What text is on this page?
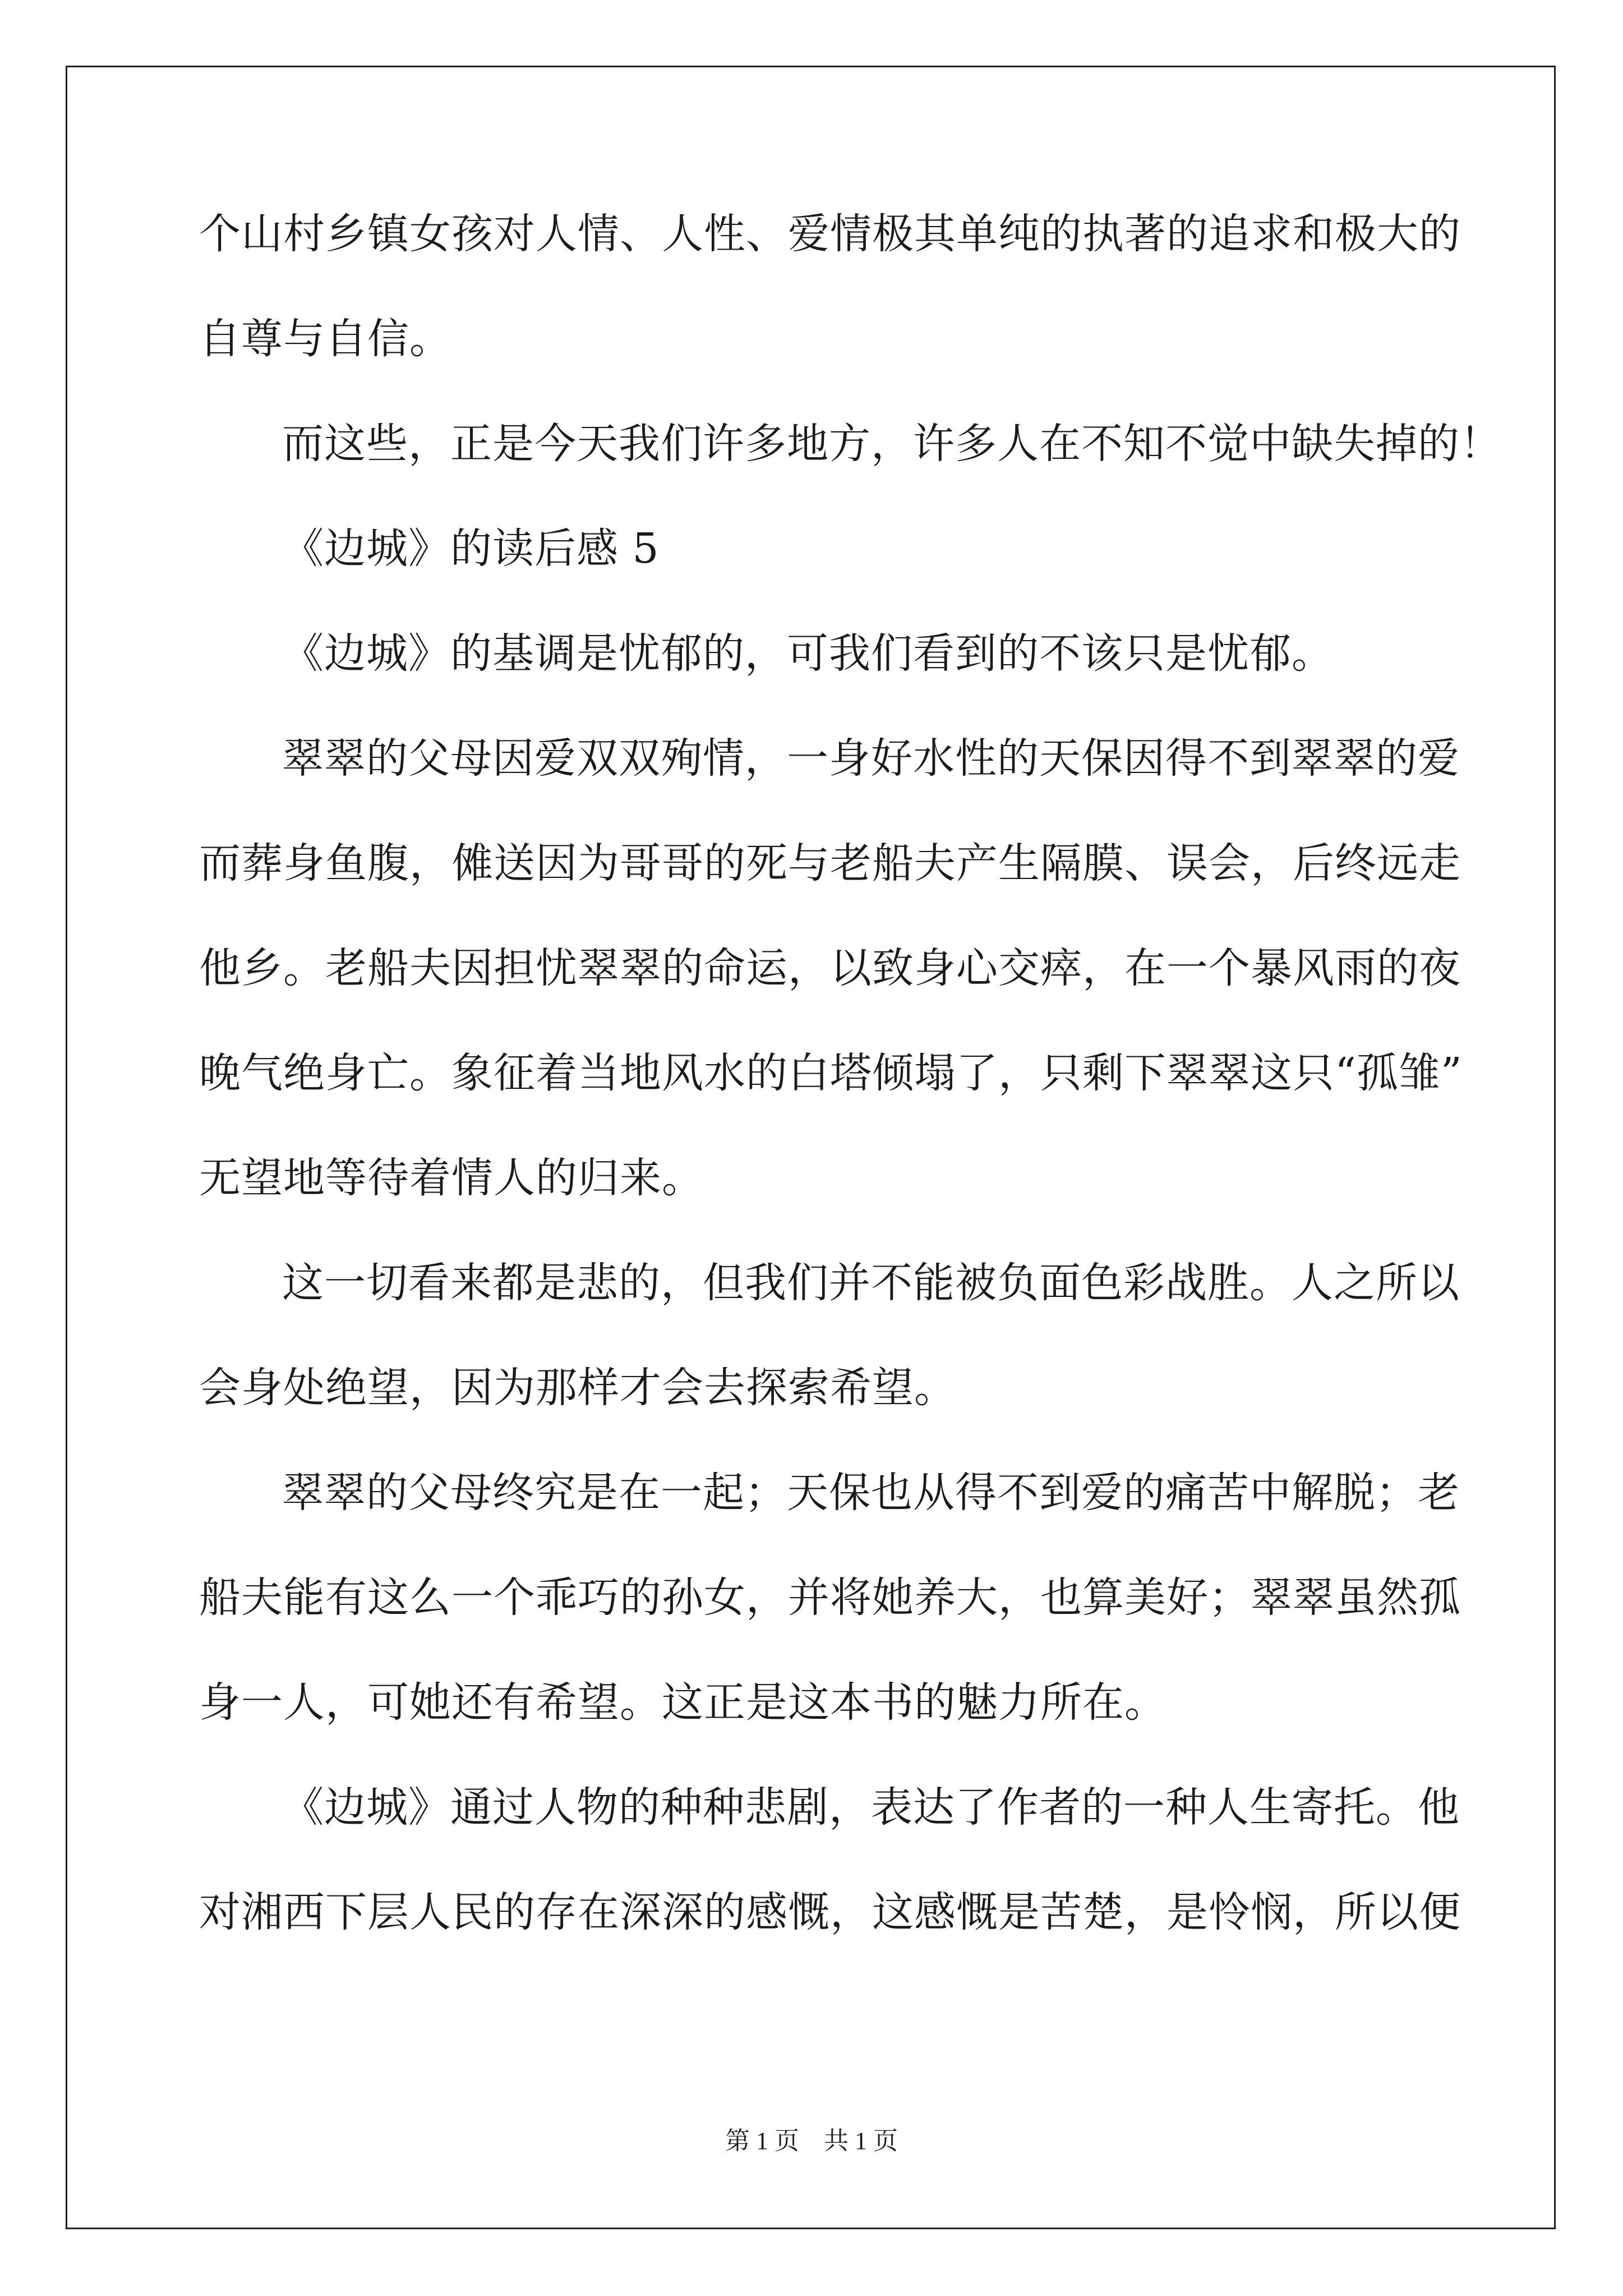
个山村乡镇女孩对人情、人性、爱情极其单纯的执著的追求和极大的

自尊与自信。

而这些，正是今天我们许多地方，许多人在不知不觉中缺失掉的！

《边城》的读后感 5

《边城》的基调是忧郁的，可我们看到的不该只是忧郁。

翠翠的父母因爱双双殉情，一身好水性的天保因得不到翠翠的爱

而葬身鱼腹，傩送因为哥哥的死与老船夫产生隔膜、误会，后终远走

他乡。老船夫因担忧翠翠的命运，以致身心交瘁，在一个暴风雨的夜

晚气绝身亡。象征着当地风水的白塔倾塌了，只剩下翠翠这只“孤雏”

无望地等待着情人的归来。

这一切看来都是悲的，但我们并不能被负面色彩战胜。人之所以

会身处绝望，因为那样才会去探索希望。

翠翠的父母终究是在一起；天保也从得不到爱的痛苦中解脱；老

船夫能有这么一个乖巧的孙女，并将她养大，也算美好；翠翠虽然孤

身一人，可她还有希望。这正是这本书的魅力所在。

《边城》通过人物的种种悲剧，表达了作者的一种人生寄托。他

对湘西下层人民的存在深深的感慨，这感慨是苦楚，是怜悯，所以便

第 1 页　共 1 页
